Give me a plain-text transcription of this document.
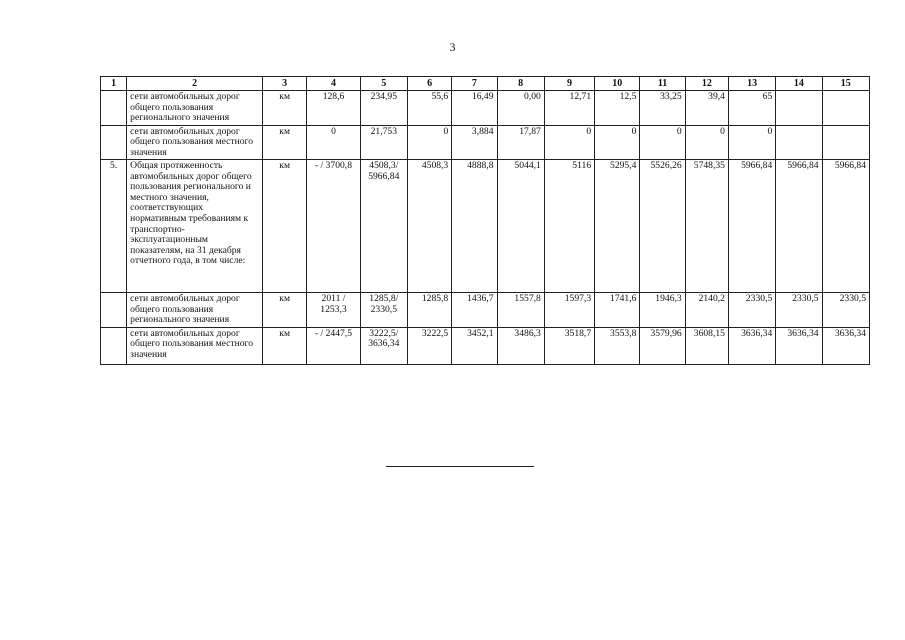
3
1	2	3	4	5	6	7	8	9	10	11	12	13	14	15
	сети автомобильных дорог общего пользования регионального значения	км	128,6	234,95	55,6	16,49	0,00	12,71	12,5	33,25	39,4	65		
	сети автомобильных дорог общего пользования местного значения	км	0	21,753	0	3,884	17,87	0	0	0	0	0		
5.	Общая протяженность автомобильных дорог общего пользования регионального и местного значения, соответствующих нормативным требованиям к транспортно-эксплуатационным показателям, на 31 декабря отчетного года, в том числе:	км	- / 3700,8	4508,3/ 5966,84	4508,3	4888,8	5044,1	5116	5295,4	5526,26	5748,35	5966,84	5966,84	5966,84
	сети автомобильных дорог общего пользования регионального значения	км	2011 / 1253,3	1285,8/ 2330,5	1285,8	1436,7	1557,8	1597,3	1741,6	1946,3	2140,2	2330,5	2330,5	2330,5
	сети автомобильных дорог общего пользования местного значения	км	- / 2447,5	3222,5/ 3636,34	3222,5	3452,1	3486,3	3518,7	3553,8	3579,96	3608,15	3636,34	3636,34	3636,34
